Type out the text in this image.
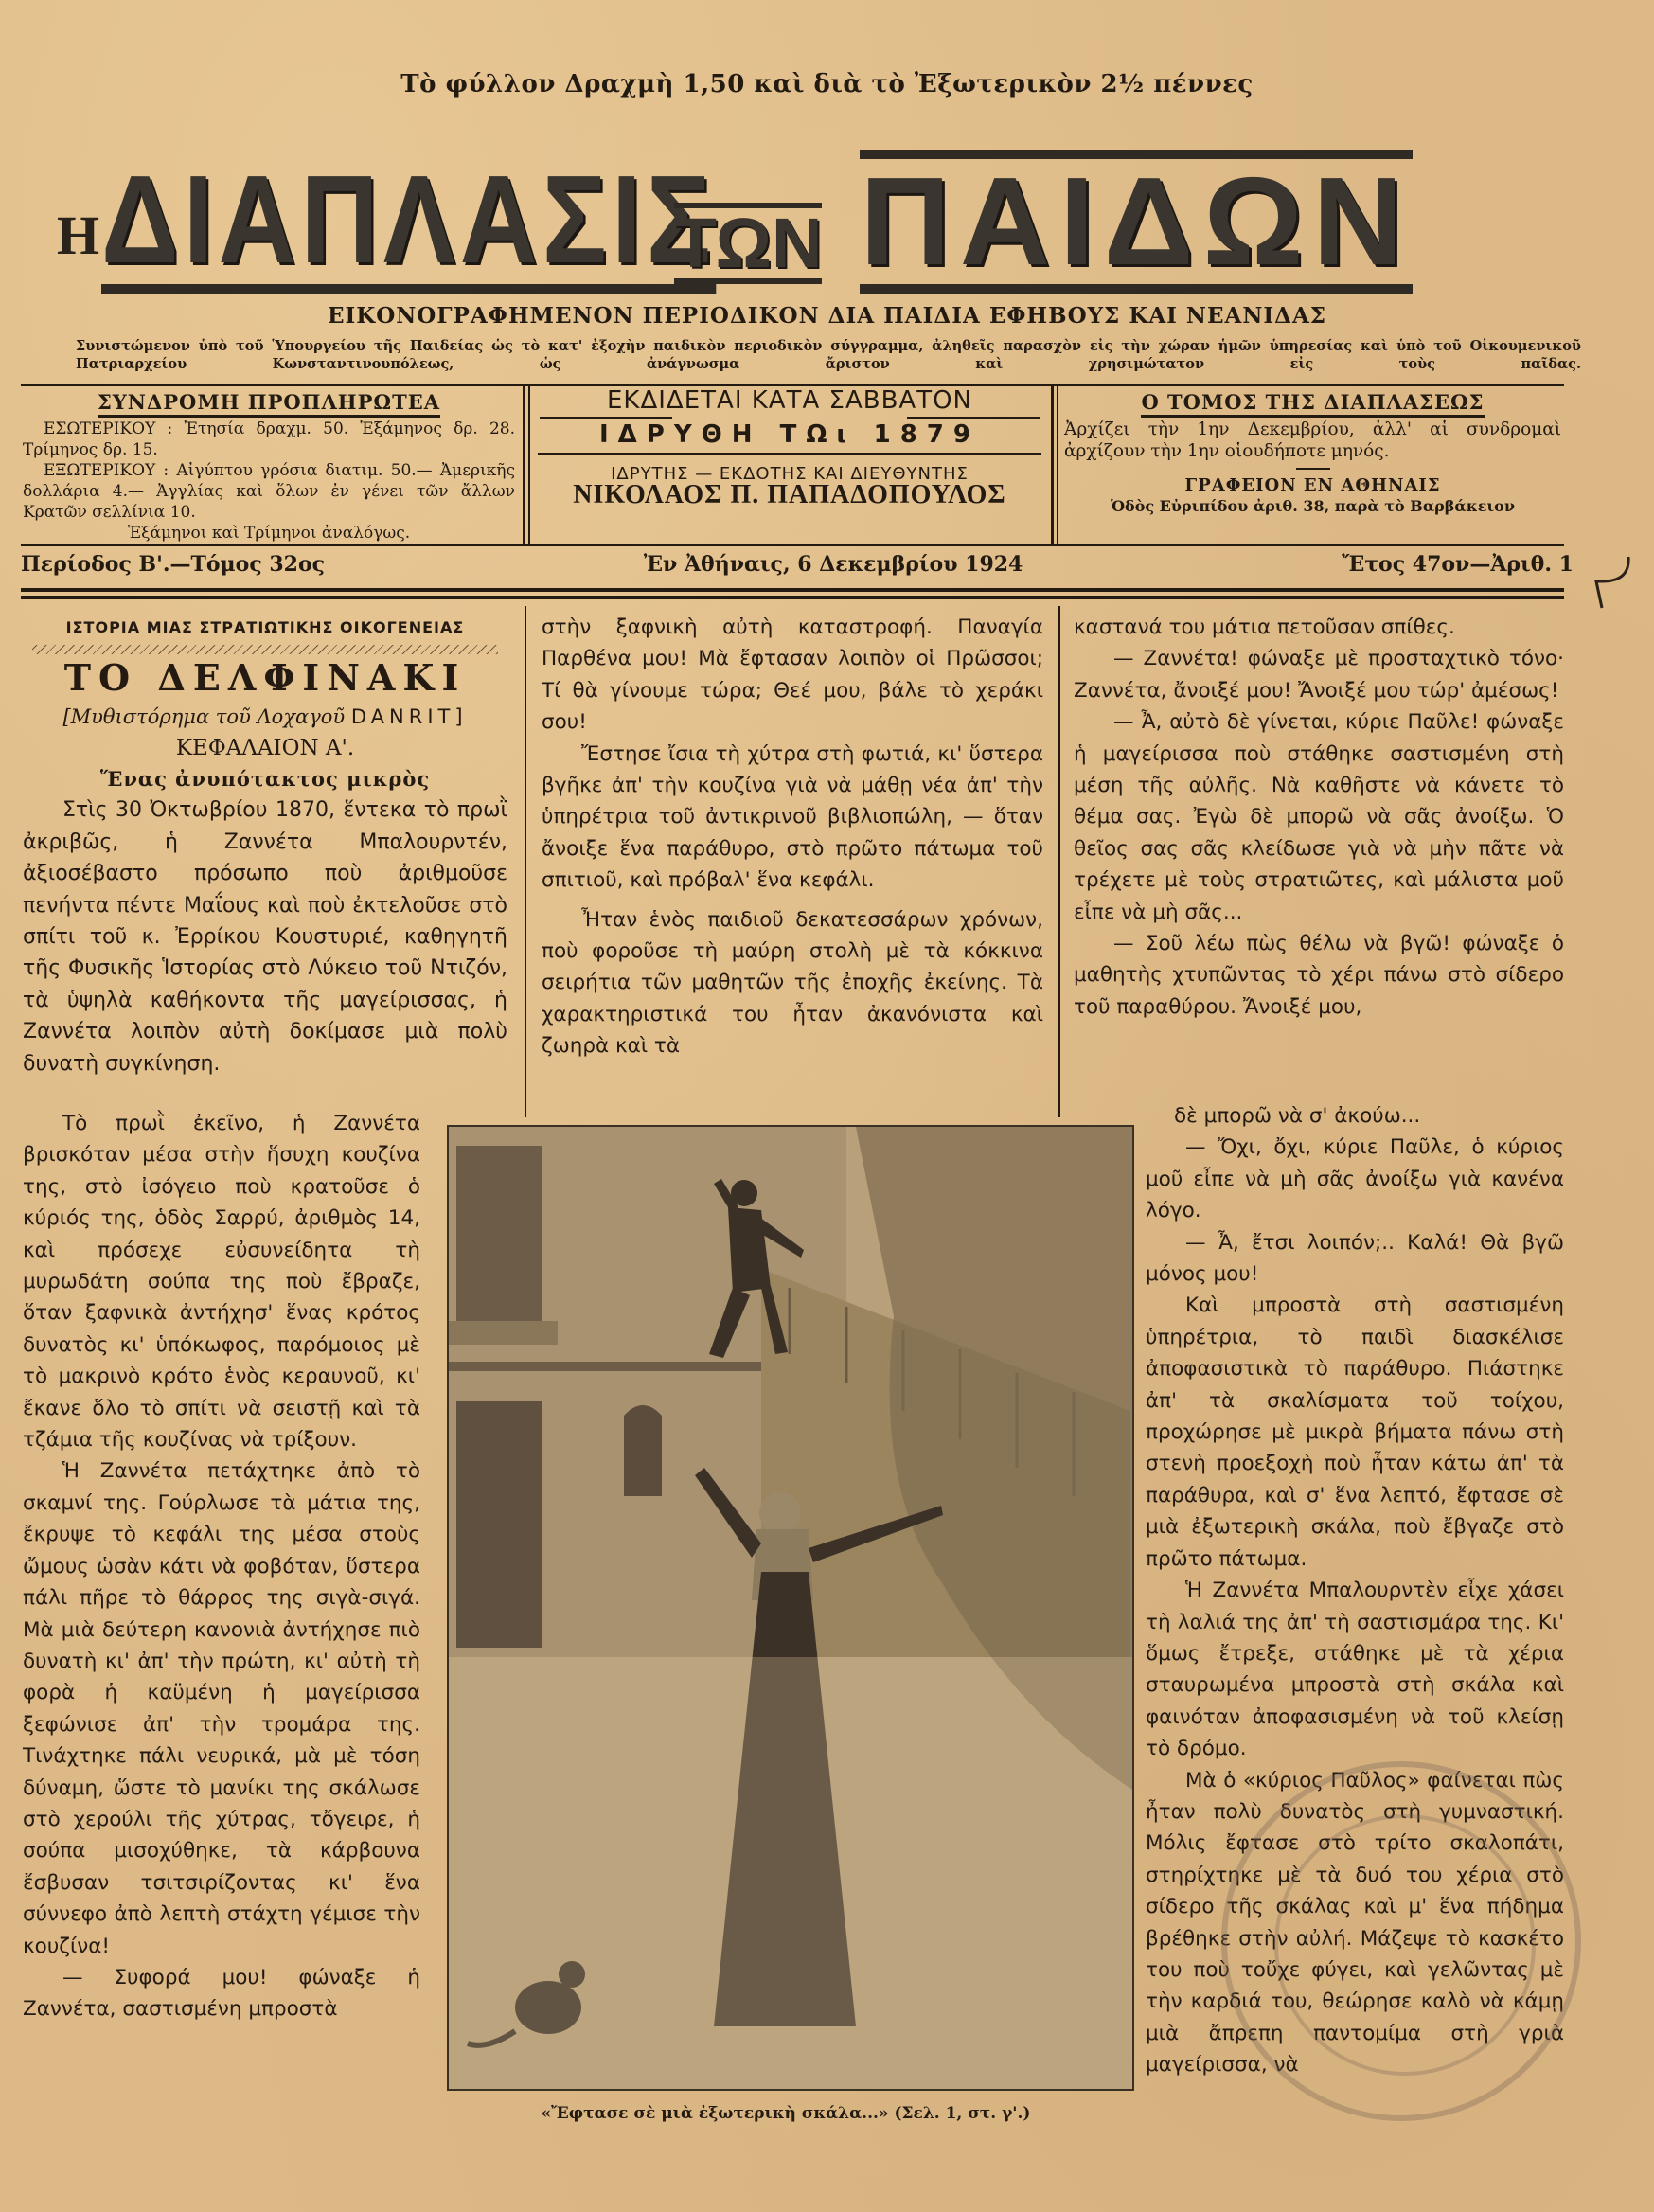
Τὸ φύλλον Δραχμὴ 1,50 καὶ διὰ τὸ Ἐξωτερικὸν 2½ πέννες
Η ΔΙΑΠΛΑΣΙΣ
ΤΩΝ ΠΑΙΔΩΝ
ΕΙΚΟΝΟΓΡΑΦΗΜΕΝΟΝ ΠΕΡΙΟΔΙΚΟΝ ΔΙΑ ΠΑΙΔΙΑ ΕΦΗΒΟΥΣ ΚΑΙ ΝΕΑΝΙΔΑΣ
Συνιστώμενον ὑπὸ τοῦ Ὑπουργείου τῆς Παιδείας ὡς τὸ κατ' ἐξοχὴν παιδικὸν περιοδικὸν σύγγραμμα, ἀληθεῖς παρασχὸν εἰς τὴν χώραν ἡμῶν ὑπηρεσίας καὶ ὑπὸ τοῦ Οἰκουμενικοῦ Πατριαρχείου Κωνσταντινουπόλεως, ὡς ἀνάγνωσμα ἄριστον καὶ χρησιμώτατον εἰς τοὺς παῖδας.
ΣΥΝΔΡΟΜΗ ΠΡΟΠΛΗΡΩΤΕΑ

ΕΣΩΤΕΡΙΚΟΥ : Ἐτησία δραχμ. 50. Ἑξάμηνος δρ. 28. Τρίμηνος δρ. 15.

ΕΞΩΤΕΡΙΚΟΥ : Αἰγύπτου γρόσια διατιμ. 50.— Ἀμερικῆς δολλάρια 4.— Ἀγγλίας καὶ ὅλων ἐν γένει τῶν ἄλλων Κρατῶν σελλίνια 10.

Ἑξάμηνοι καὶ Τρίμηνοι ἀναλόγως.

ΕΚΔΙΔΕΤΑΙ ΚΑΤΑ ΣΑΒΒΑΤΟΝ
ΙΔΡΥΘΗ ΤΩι 1879
ΙΔΡΥΤΗΣ — ΕΚΔΟΤΗΣ ΚΑΙ ΔΙΕΥΘΥΝΤΗΣ
ΝΙΚΟΛΑΟΣ Π. ΠΑΠΑΔΟΠΟΥΛΟΣ
Ο ΤΟΜΟΣ ΤΗΣ ΔΙΑΠΛΑΣΕΩΣ

Ἀρχίζει τὴν 1ην Δεκεμβρίου, ἀλλ' αἱ συνδρομαὶ ἀρχίζουν τὴν 1ην οἱουδήποτε μηνός.

ΓΡΑΦΕΙΟΝ ΕΝ ΑΘΗΝΑΙΣ
Ὁδὸς Εὐριπίδου ἀριθ. 38, παρὰ τὸ Βαρβάκειον
Περίοδος Β'.—Τόμος 32ος	Ἐν Ἀθήναις, 6 Δεκεμβρίου 1924	Ἔτος 47ον—Ἀριθ. 1
ΙΣΤΟΡΙΑ ΜΙΑΣ ΣΤΡΑΤΙΩΤΙΚΗΣ ΟΙΚΟΓΕΝΕΙΑΣ
ΤΟ ΔΕΛΦΙΝΑΚΙ
[Μυθιστόρημα τοῦ Λοχαγοῦ DANRIT]
ΚΕΦΑΛΑΙΟΝ Α'.
Ἕνας ἀνυπότακτος μικρὸς

Στὶς 30 Ὀκτωβρίου 1870, ἕντεκα τὸ πρωῒ ἀκριβῶς, ἡ Ζαννέτα Μπαλουρντέν, ἀξιοσέβαστο πρόσωπο ποὺ ἀριθμοῦσε πενήντα πέντε Μαΐους καὶ ποὺ ἐκτελοῦσε στὸ σπίτι τοῦ κ. Ἐρρίκου Κουστυριέ, καθηγητῆ τῆς Φυσικῆς Ἱστορίας στὸ Λύκειο τοῦ Ντιζόν, τὰ ὑψηλὰ καθήκοντα τῆς μαγείρισσας, ἡ Ζαννέτα λοιπὸν αὐτὴ δοκίμασε μιὰ πολὺ δυνατὴ συγκίνηση.

Τὸ πρωῒ ἐκεῖνο, ἡ Ζαννέτα βρισκόταν μέσα στὴν ἥσυχη κουζίνα της, στὸ ἰσόγειο ποὺ κρατοῦσε ὁ κύριός της, ὁδὸς Σαρρύ, ἀριθμὸς 14, καὶ πρόσεχε εὐσυνείδητα τὴ μυρωδάτη σούπα της ποὺ ἔβραζε, ὅταν ξαφνικὰ ἀντήχησ' ἕνας κρότος δυνατὸς κι' ὑπόκωφος, παρόμοιος μὲ τὸ μακρινὸ κρότο ἑνὸς κεραυνοῦ, κι' ἔκανε ὅλο τὸ σπίτι νὰ σειστῇ καὶ τὰ τζάμια τῆς κουζίνας νὰ τρίξουν.

Ἡ Ζαννέτα πετάχτηκε ἀπὸ τὸ σκαμνί της. Γούρλωσε τὰ μάτια της, ἔκρυψε τὸ κεφάλι της μέσα στοὺς ὤμους ὡσὰν κάτι νὰ φοβόταν, ὕστερα πάλι πῆρε τὸ θάρρος της σιγὰ-σιγά. Μὰ μιὰ δεύτερη κανονιὰ ἀντήχησε πιὸ δυνατὴ κι' ἀπ' τὴν πρώτη, κι' αὐτὴ τὴ φορὰ ἡ καϋμένη ἡ μαγείρισσα ξεφώνισε ἀπ' τὴν τρομάρα της. Τινάχτηκε πάλι νευρικά, μὰ μὲ τόση δύναμη, ὥστε τὸ μανίκι της σκάλωσε στὸ χερούλι τῆς χύτρας, τὄγειρε, ἡ σούπα μισοχύθηκε, τὰ κάρβουνα ἔσβυσαν τσιτσιρίζοντας κι' ἕνα σύννεφο ἀπὸ λεπτὴ στάχτη γέμισε τὴν κουζίνα!

— Συφορά μου! φώναξε ἡ Ζαννέτα, σαστισμένη μπροστὰ

στὴν ξαφνικὴ αὐτὴ καταστροφή. Παναγία Παρθένα μου! Μὰ ἔφτασαν λοιπὸν οἱ Πρῶσσοι; Τί θὰ γίνουμε τώρα; Θεέ μου, βάλε τὸ χεράκι σου!

Ἔστησε ἴσια τὴ χύτρα στὴ φωτιά, κι' ὕστερα βγῆκε ἀπ' τὴν κουζίνα γιὰ νὰ μάθῃ νέα ἀπ' τὴν ὑπηρέτρια τοῦ ἀντικρινοῦ βιβλιοπώλη, — ὅταν ἄνοιξε ἕνα παράθυρο, στὸ πρῶτο πάτωμα τοῦ σπιτιοῦ, καὶ πρόβαλ' ἕνα κεφάλι.

Ἦταν ἑνὸς παιδιοῦ δεκατεσσάρων χρόνων, ποὺ φοροῦσε τὴ μαύρη στολὴ μὲ τὰ κόκκινα σειρήτια τῶν μαθητῶν τῆς ἐποχῆς ἐκείνης. Τὰ χαρακτηριστικά του ἦταν ἀκανόνιστα καὶ ζωηρὰ καὶ τὰ

καστανά του μάτια πετοῦσαν σπίθες.

— Ζαννέτα! φώναξε μὲ προσταχτικὸ τόνο· Ζαννέτα, ἄνοιξέ μου! Ἄνοιξέ μου τώρ' ἀμέσως!

— Ἆ, αὐτὸ δὲ γίνεται, κύριε Παῦλε! φώναξε ἡ μαγείρισσα ποὺ στάθηκε σαστισμένη στὴ μέση τῆς αὐλῆς. Νὰ καθῆστε νὰ κάνετε τὸ θέμα σας. Ἐγὼ δὲ μπορῶ νὰ σᾶς ἀνοίξω. Ὁ θεῖος σας σᾶς κλείδωσε γιὰ νὰ μὴν πᾶτε νὰ τρέχετε μὲ τοὺς στρατιῶτες, καὶ μάλιστα μοῦ εἶπε νὰ μὴ σᾶς...

— Σοῦ λέω πὼς θέλω νὰ βγῶ! φώναξε ὁ μαθητὴς χτυπῶντας τὸ χέρι πάνω στὸ σίδερο τοῦ παραθύρου. Ἄνοιξέ μου,

δὲ μπορῶ νὰ σ' ἀκούω...

— Ὄχι, ὄχι, κύριε Παῦλε, ὁ κύριος μοῦ εἶπε νὰ μὴ σᾶς ἀνοίξω γιὰ κανένα λόγο.

— Ἆ, ἔτσι λοιπόν;.. Καλά! Θὰ βγῶ μόνος μου!

Καὶ μπροστὰ στὴ σαστισμένη ὑπηρέτρια, τὸ παιδὶ διασκέλισε ἀποφασιστικὰ τὸ παράθυρο. Πιάστηκε ἀπ' τὰ σκαλίσματα τοῦ τοίχου, προχώρησε μὲ μικρὰ βήματα πάνω στὴ στενὴ προεξοχὴ ποὺ ἦταν κάτω ἀπ' τὰ παράθυρα, καὶ σ' ἕνα λεπτό, ἔφτασε σὲ μιὰ ἐξωτερικὴ σκάλα, ποὺ ἔβγαζε στὸ πρῶτο πάτωμα.

Ἡ Ζαννέτα Μπαλουρντὲν εἶχε χάσει τὴ λαλιά της ἀπ' τὴ σαστισμάρα της. Κι' ὅμως ἔτρεξε, στάθηκε μὲ τὰ χέρια σταυρωμένα μπροστὰ στὴ σκάλα καὶ φαινόταν ἀποφασισμένη νὰ τοῦ κλείσῃ τὸ δρόμο.

Μὰ ὁ «κύριος Παῦλος» φαίνεται πὼς ἦταν πολὺ δυνατὸς στὴ γυμναστική. Μόλις ἔφτασε στὸ τρίτο σκαλοπάτι, στηρίχτηκε μὲ τὰ δυό του χέρια στὸ σίδερο τῆς σκάλας καὶ μ' ἕνα πήδημα βρέθηκε στὴν αὐλή. Μάζεψε τὸ κασκέτο του ποὺ τοὔχε φύγει, καὶ γελῶντας μὲ τὴν καρδιά του, θεώρησε καλὸ νὰ κάμῃ μιὰ ἄπρεπη παντομίμα στὴ γριὰ μαγείρισσα, νὰ

«Ἔφτασε σὲ μιὰ ἐξωτερικὴ σκάλα...» (Σελ. 1, στ. γ'.)
